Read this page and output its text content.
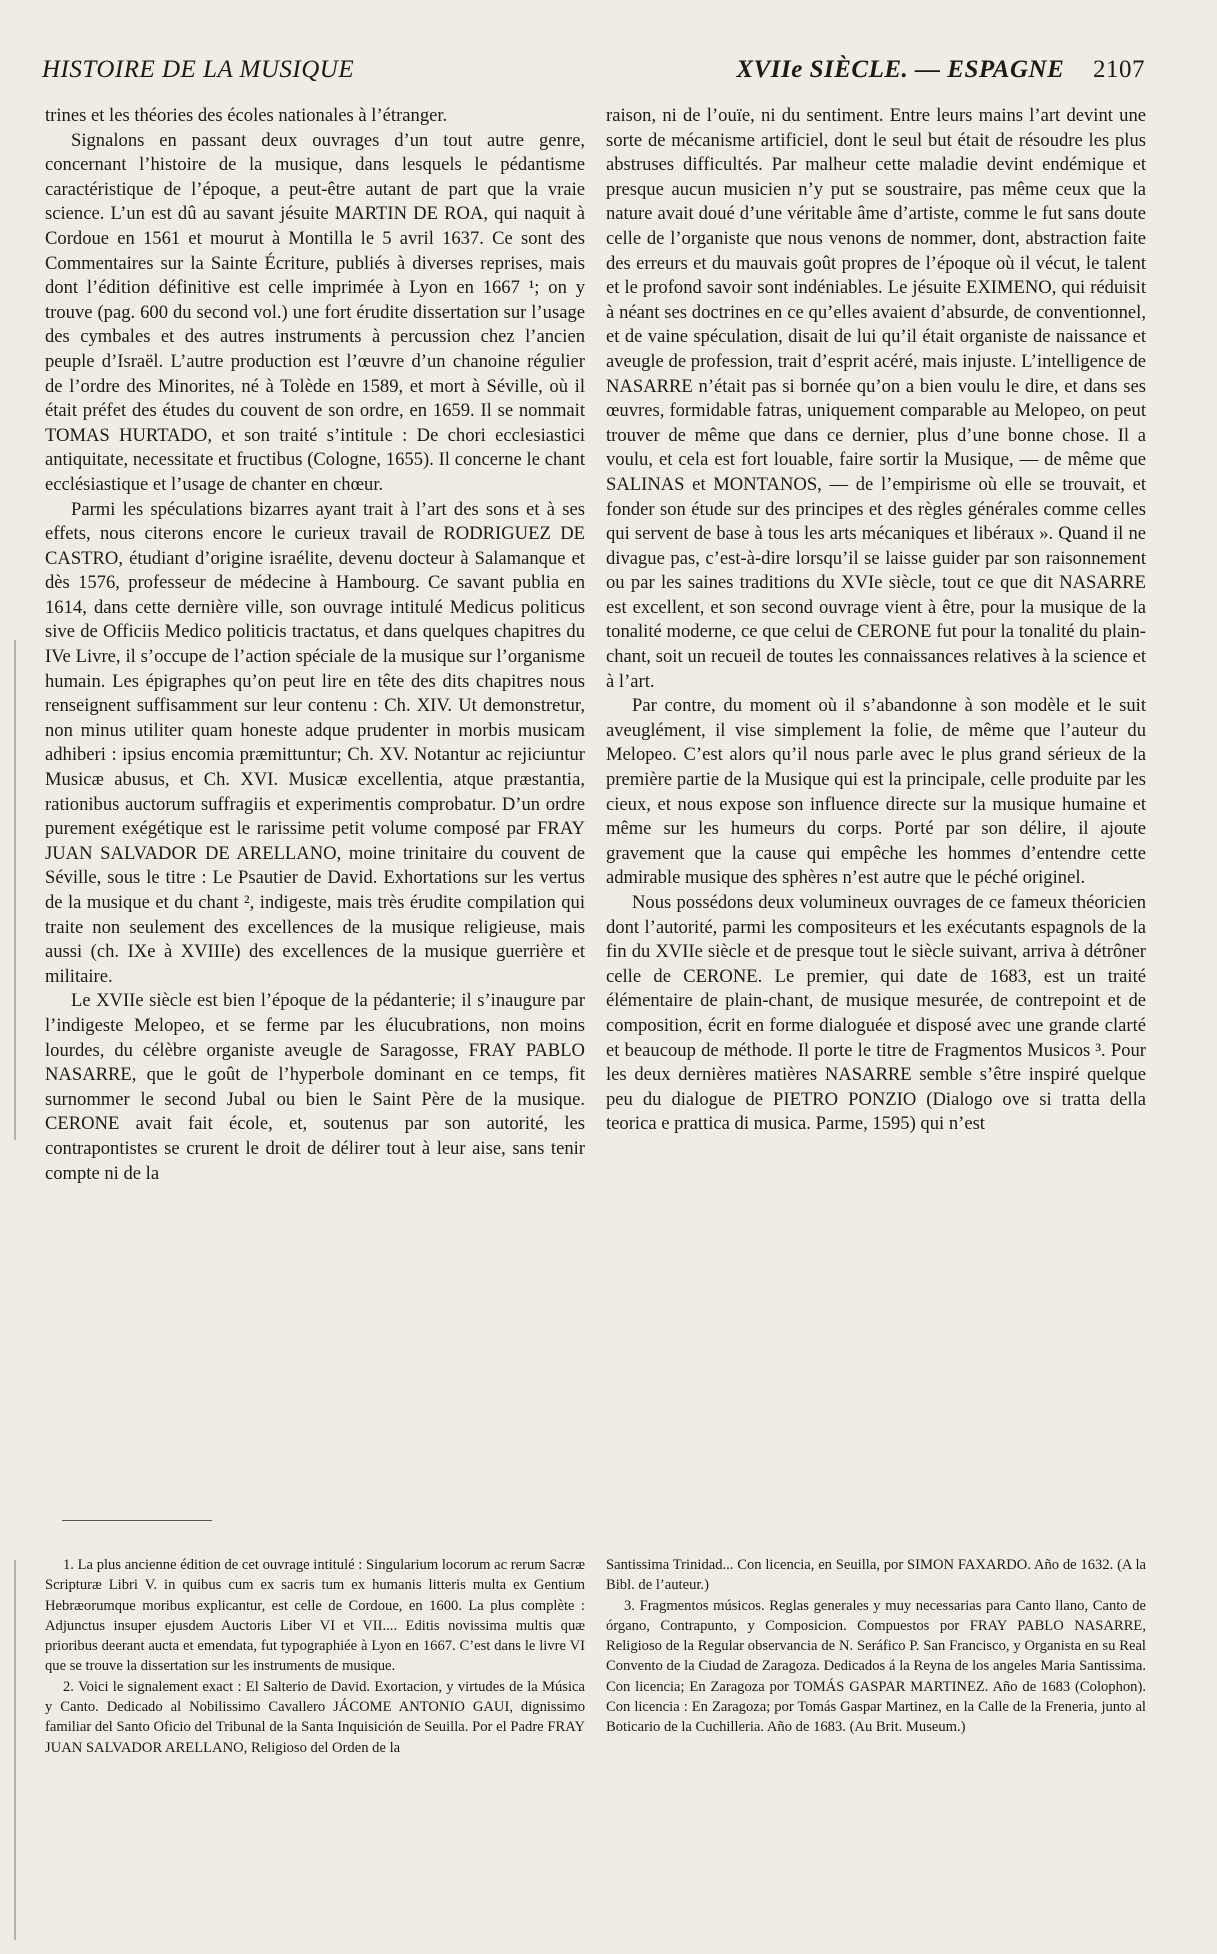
HISTOIRE DE LA MUSIQUE	XVIIe SIÈCLE. — ESPAGNE 2107

trines et les théories des écoles nationales à l’étranger.

Signalons en passant deux ouvrages d’un tout autre genre, concernant l’histoire de la musique, dans lesquels le pédantisme caractéristique de l’époque, a peut-être autant de part que la vraie science. L’un est dû au savant jésuite MARTIN DE ROA, qui naquit à Cordoue en 1561 et mourut à Montilla le 5 avril 1637. Ce sont des Commentaires sur la Sainte Écriture, publiés à diverses reprises, mais dont l’édition définitive est celle imprimée à Lyon en 1667 ¹; on y trouve (pag. 600 du second vol.) une fort érudite dissertation sur l’usage des cymbales et des autres instruments à percussion chez l’ancien peuple d’Israël. L’autre production est l’œuvre d’un chanoine régulier de l’ordre des Minorites, né à Tolède en 1589, et mort à Séville, où il était préfet des études du couvent de son ordre, en 1659. Il se nommait TOMAS HURTADO, et son traité s’intitule : De chori ecclesiastici antiquitate, necessitate et fructibus (Cologne, 1655). Il concerne le chant ecclésiastique et l’usage de chanter en chœur.

Parmi les spéculations bizarres ayant trait à l’art des sons et à ses effets, nous citerons encore le curieux travail de RODRIGUEZ DE CASTRO, étudiant d’origine israélite, devenu docteur à Salamanque et dès 1576, professeur de médecine à Hambourg. Ce savant publia en 1614, dans cette dernière ville, son ouvrage intitulé Medicus politicus sive de Officiis Medico politicis tractatus, et dans quelques chapitres du IVe Livre, il s’occupe de l’action spéciale de la musique sur l’organisme humain. Les épigraphes qu’on peut lire en tête des dits chapitres nous renseignent suffisamment sur leur contenu : Ch. XIV. Ut demonstretur, non minus utiliter quam honeste adque prudenter in morbis musicam adhiberi : ipsius encomia præmittuntur; Ch. XV. Notantur ac rejiciuntur Musicæ abusus, et Ch. XVI. Musicæ excellentia, atque præstantia, rationibus auctorum suffragiis et experimentis comprobatur. D’un ordre purement exégétique est le rarissime petit volume composé par FRAY JUAN SALVADOR DE ARELLANO, moine trinitaire du couvent de Séville, sous le titre : Le Psautier de David. Exhortations sur les vertus de la musique et du chant ², indigeste, mais très érudite compilation qui traite non seulement des excellences de la musique religieuse, mais aussi (ch. IXe à XVIIIe) des excellences de la musique guerrière et militaire.

Le XVIIe siècle est bien l’époque de la pédanterie; il s’inaugure par l’indigeste Melopeo, et se ferme par les élucubrations, non moins lourdes, du célèbre organiste aveugle de Saragosse, FRAY PABLO NASARRE, que le goût de l’hyperbole dominant en ce temps, fit surnommer le second Jubal ou bien le Saint Père de la musique. CERONE avait fait école, et, soutenus par son autorité, les contrapontistes se crurent le droit de délirer tout à leur aise, sans tenir compte ni de la

raison, ni de l’ouïe, ni du sentiment. Entre leurs mains l’art devint une sorte de mécanisme artificiel, dont le seul but était de résoudre les plus abstruses difficultés. Par malheur cette maladie devint endémique et presque aucun musicien n’y put se soustraire, pas même ceux que la nature avait doué d’une véritable âme d’artiste, comme le fut sans doute celle de l’organiste que nous venons de nommer, dont, abstraction faite des erreurs et du mauvais goût propres de l’époque où il vécut, le talent et le profond savoir sont indéniables. Le jésuite EXIMENO, qui réduisit à néant ses doctrines en ce qu’elles avaient d’absurde, de conventionnel, et de vaine spéculation, disait de lui qu’il était organiste de naissance et aveugle de profession, trait d’esprit acéré, mais injuste. L’intelligence de NASARRE n’était pas si bornée qu’on a bien voulu le dire, et dans ses œuvres, formidable fatras, uniquement comparable au Melopeo, on peut trouver de même que dans ce dernier, plus d’une bonne chose. Il a voulu, et cela est fort louable, faire sortir la Musique, — de même que SALINAS et MONTANOS, — de l’empirisme où elle se trouvait, et fonder son étude sur des principes et des règles générales comme celles qui servent de base à tous les arts mécaniques et libéraux ». Quand il ne divague pas, c’est-à-dire lorsqu’il se laisse guider par son raisonnement ou par les saines traditions du XVIe siècle, tout ce que dit NASARRE est excellent, et son second ouvrage vient à être, pour la musique de la tonalité moderne, ce que celui de CERONE fut pour la tonalité du plain-chant, soit un recueil de toutes les connaissances relatives à la science et à l’art.

Par contre, du moment où il s’abandonne à son modèle et le suit aveuglément, il vise simplement la folie, de même que l’auteur du Melopeo. C’est alors qu’il nous parle avec le plus grand sérieux de la première partie de la Musique qui est la principale, celle produite par les cieux, et nous expose son influence directe sur la musique humaine et même sur les humeurs du corps. Porté par son délire, il ajoute gravement que la cause qui empêche les hommes d’entendre cette admirable musique des sphères n’est autre que le péché originel.

Nous possédons deux volumineux ouvrages de ce fameux théoricien dont l’autorité, parmi les compositeurs et les exécutants espagnols de la fin du XVIIe siècle et de presque tout le siècle suivant, arriva à détrôner celle de CERONE. Le premier, qui date de 1683, est un traité élémentaire de plain-chant, de musique mesurée, de contrepoint et de composition, écrit en forme dialoguée et disposé avec une grande clarté et beaucoup de méthode. Il porte le titre de Fragmentos Musicos ³. Pour les deux dernières matières NASARRE semble s’être inspiré quelque peu du dialogue de PIETRO PONZIO (Dialogo ove si tratta della teorica e prattica di musica. Parme, 1595) qui n’est

1. La plus ancienne édition de cet ouvrage intitulé : Singularium locorum ac rerum Sacræ Scripturæ Libri V. in quibus cum ex sacris tum ex humanis litteris multa ex Gentium Hebræorumque moribus explicantur, est celle de Cordoue, en 1600. La plus complète : Adjunctus insuper ejusdem Auctoris Liber VI et VII.... Editis novissima multis quæ prioribus deerant aucta et emendata, fut typographiée à Lyon en 1667. C’est dans le livre VI que se trouve la dissertation sur les instruments de musique.

2. Voici le signalement exact : El Salterio de David. Exortacion, y virtudes de la Música y Canto. Dedicado al Nobilissimo Cavallero JÁCOME ANTONIO GAUI, dignissimo familiar del Santo Oficio del Tribunal de la Santa Inquisición de Seuilla. Por el Padre FRAY JUAN SALVADOR ARELLANO, Religioso del Orden de la

Santissima Trinidad... Con licencia, en Seuilla, por SIMON FAXARDO. Año de 1632. (A la Bibl. de l’auteur.)

3. Fragmentos músicos. Reglas generales y muy necessarias para Canto llano, Canto de órgano, Contrapunto, y Composicion. Compuestos por FRAY PABLO NASARRE, Religioso de la Regular observancia de N. Seráfico P. San Francisco, y Organista en su Real Convento de la Ciudad de Zaragoza. Dedicados á la Reyna de los angeles Maria Santissima. Con licencia; En Zaragoza por TOMÁS GASPAR MARTINEZ. Año de 1683 (Colophon). Con licencia : En Zaragoza; por Tomás Gaspar Martinez, en la Calle de la Freneria, junto al Boticario de la Cuchilleria. Año de 1683. (Au Brit. Museum.)
